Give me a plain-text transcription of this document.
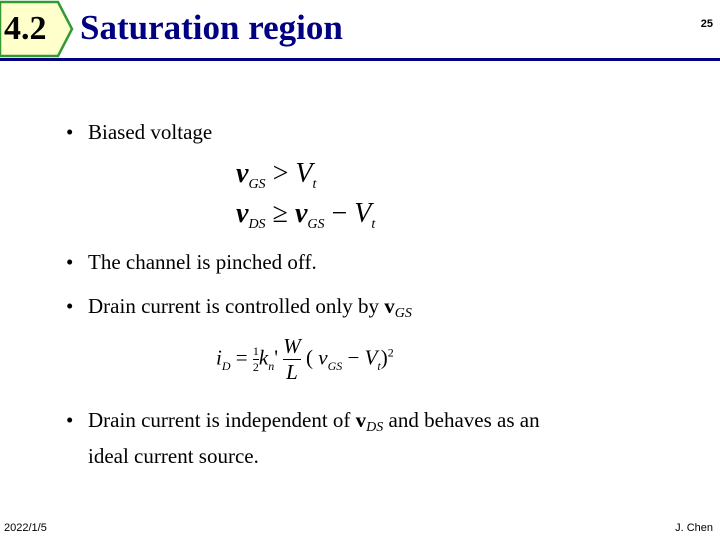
4.2 Saturation region	25
• Biased voltage
$v_{GS} > V_t$
$v_{DS} \ge v_{GS} - V_t$
• The channel is pinched off.
• Drain current is controlled only by $v_{GS}$
$i_D = \frac{1}{2} k_n' \frac{W}{L}$ ( $v_{GS} - V_t)^2$
• Drain current is independent of $v_{DS}$ and behaves as an
ideal current source.
2022/1/5	J. Chen
